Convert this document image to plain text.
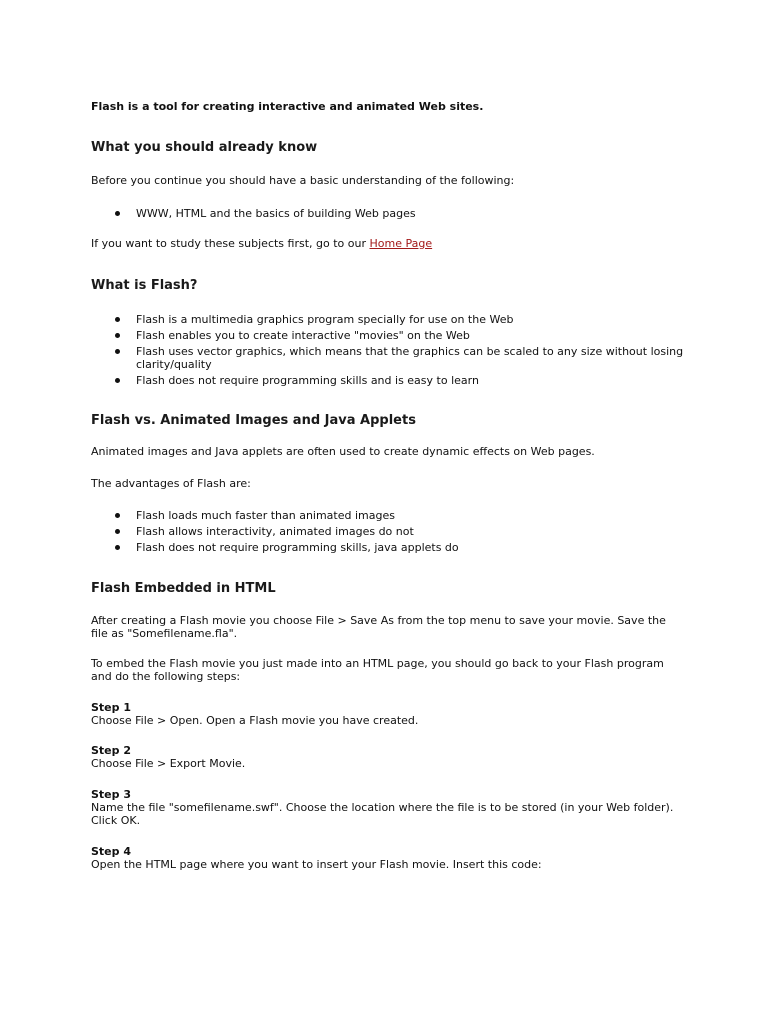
Flash is a tool for creating interactive and animated Web sites.

What you should already know

Before you continue you should have a basic understanding of the following:

WWW, HTML and the basics of building Web pages

If you want to study these subjects first, go to our Home Page

What is Flash?
Flash is a multimedia graphics program specially for use on the Web
Flash enables you to create interactive "movies" on the Web
Flash uses vector graphics, which means that the graphics can be scaled to any size without losing clarity/quality
Flash does not require programming skills and is easy to learn
Flash vs. Animated Images and Java Applets

Animated images and Java applets are often used to create dynamic effects on Web pages.

The advantages of Flash are:

Flash loads much faster than animated images
Flash allows interactivity, animated images do not
Flash does not require programming skills, java applets do
Flash Embedded in HTML

After creating a Flash movie you choose File > Save As from the top menu to save your movie. Save the file as "Somefilename.fla".

To embed the Flash movie you just made into an HTML page, you should go back to your Flash program and do the following steps:

Step 1
Choose File > Open. Open a Flash movie you have created.
Step 2
Choose File > Export Movie.
Step 3
Name the file "somefilename.swf". Choose the location where the file is to be stored (in your Web folder). Click OK.
Step 4
Open the HTML page where you want to insert your Flash movie. Insert this code:
